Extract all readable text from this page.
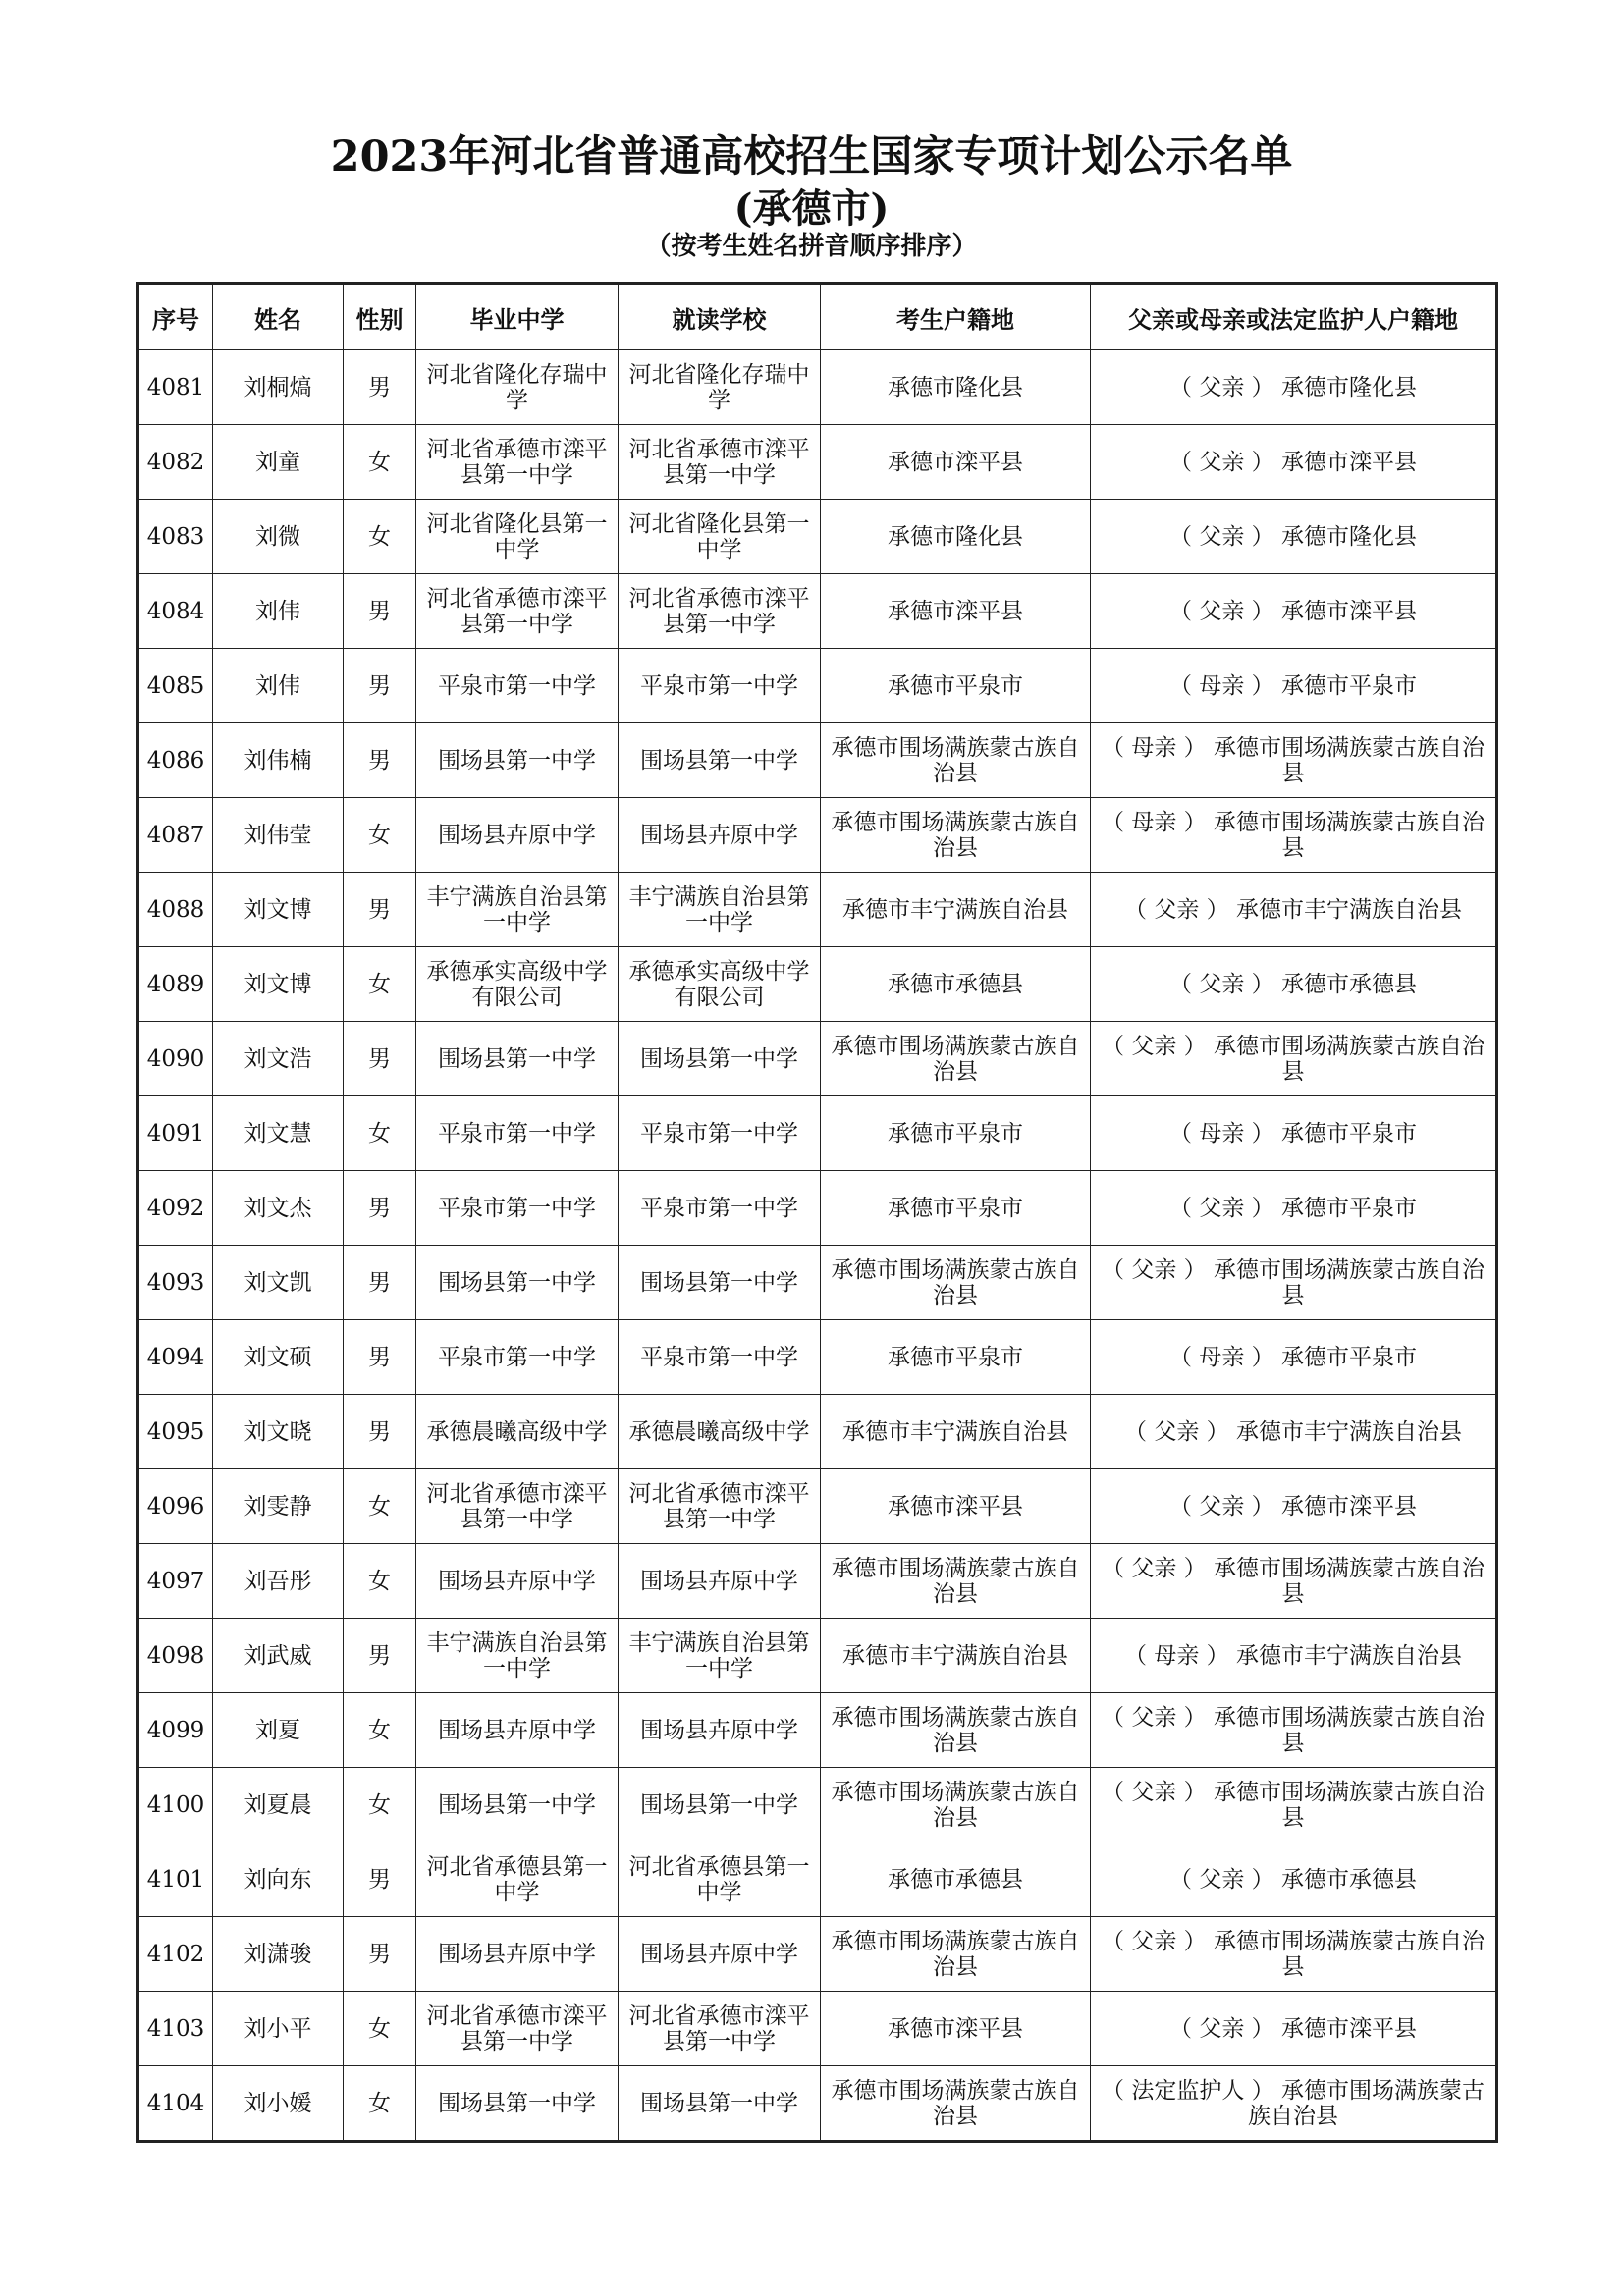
2023年河北省普通高校招生国家专项计划公示名单
(承德市)
（按考生姓名拼音顺序排序）
序号	姓名	性别	毕业中学	就读学校	考生户籍地	父亲或母亲或法定监护人户籍地
4081	刘桐熇	男	河北省隆化存瑞中学	河北省隆化存瑞中学	承德市隆化县	（ 父亲 ） 承德市隆化县
4082	刘童	女	河北省承德市滦平县第一中学	河北省承德市滦平县第一中学	承德市滦平县	（ 父亲 ） 承德市滦平县
4083	刘微	女	河北省隆化县第一中学	河北省隆化县第一中学	承德市隆化县	（ 父亲 ） 承德市隆化县
4084	刘伟	男	河北省承德市滦平县第一中学	河北省承德市滦平县第一中学	承德市滦平县	（ 父亲 ） 承德市滦平县
4085	刘伟	男	平泉市第一中学	平泉市第一中学	承德市平泉市	（ 母亲 ） 承德市平泉市
4086	刘伟楠	男	围场县第一中学	围场县第一中学	承德市围场满族蒙古族自治县	（ 母亲 ） 承德市围场满族蒙古族自治县
4087	刘伟莹	女	围场县卉原中学	围场县卉原中学	承德市围场满族蒙古族自治县	（ 母亲 ） 承德市围场满族蒙古族自治县
4088	刘文博	男	丰宁满族自治县第一中学	丰宁满族自治县第一中学	承德市丰宁满族自治县	（ 父亲 ） 承德市丰宁满族自治县
4089	刘文博	女	承德承实高级中学有限公司	承德承实高级中学有限公司	承德市承德县	（ 父亲 ） 承德市承德县
4090	刘文浩	男	围场县第一中学	围场县第一中学	承德市围场满族蒙古族自治县	（ 父亲 ） 承德市围场满族蒙古族自治县
4091	刘文慧	女	平泉市第一中学	平泉市第一中学	承德市平泉市	（ 母亲 ） 承德市平泉市
4092	刘文杰	男	平泉市第一中学	平泉市第一中学	承德市平泉市	（ 父亲 ） 承德市平泉市
4093	刘文凯	男	围场县第一中学	围场县第一中学	承德市围场满族蒙古族自治县	（ 父亲 ） 承德市围场满族蒙古族自治县
4094	刘文硕	男	平泉市第一中学	平泉市第一中学	承德市平泉市	（ 母亲 ） 承德市平泉市
4095	刘文晓	男	承德晨曦高级中学	承德晨曦高级中学	承德市丰宁满族自治县	（ 父亲 ） 承德市丰宁满族自治县
4096	刘雯静	女	河北省承德市滦平县第一中学	河北省承德市滦平县第一中学	承德市滦平县	（ 父亲 ） 承德市滦平县
4097	刘吾彤	女	围场县卉原中学	围场县卉原中学	承德市围场满族蒙古族自治县	（ 父亲 ） 承德市围场满族蒙古族自治县
4098	刘武威	男	丰宁满族自治县第一中学	丰宁满族自治县第一中学	承德市丰宁满族自治县	（ 母亲 ） 承德市丰宁满族自治县
4099	刘夏	女	围场县卉原中学	围场县卉原中学	承德市围场满族蒙古族自治县	（ 父亲 ） 承德市围场满族蒙古族自治县
4100	刘夏晨	女	围场县第一中学	围场县第一中学	承德市围场满族蒙古族自治县	（ 父亲 ） 承德市围场满族蒙古族自治县
4101	刘向东	男	河北省承德县第一中学	河北省承德县第一中学	承德市承德县	（ 父亲 ） 承德市承德县
4102	刘潇骏	男	围场县卉原中学	围场县卉原中学	承德市围场满族蒙古族自治县	（ 父亲 ） 承德市围场满族蒙古族自治县
4103	刘小平	女	河北省承德市滦平县第一中学	河北省承德市滦平县第一中学	承德市滦平县	（ 父亲 ） 承德市滦平县
4104	刘小媛	女	围场县第一中学	围场县第一中学	承德市围场满族蒙古族自治县	（ 法定监护人 ） 承德市围场满族蒙古族自治县
